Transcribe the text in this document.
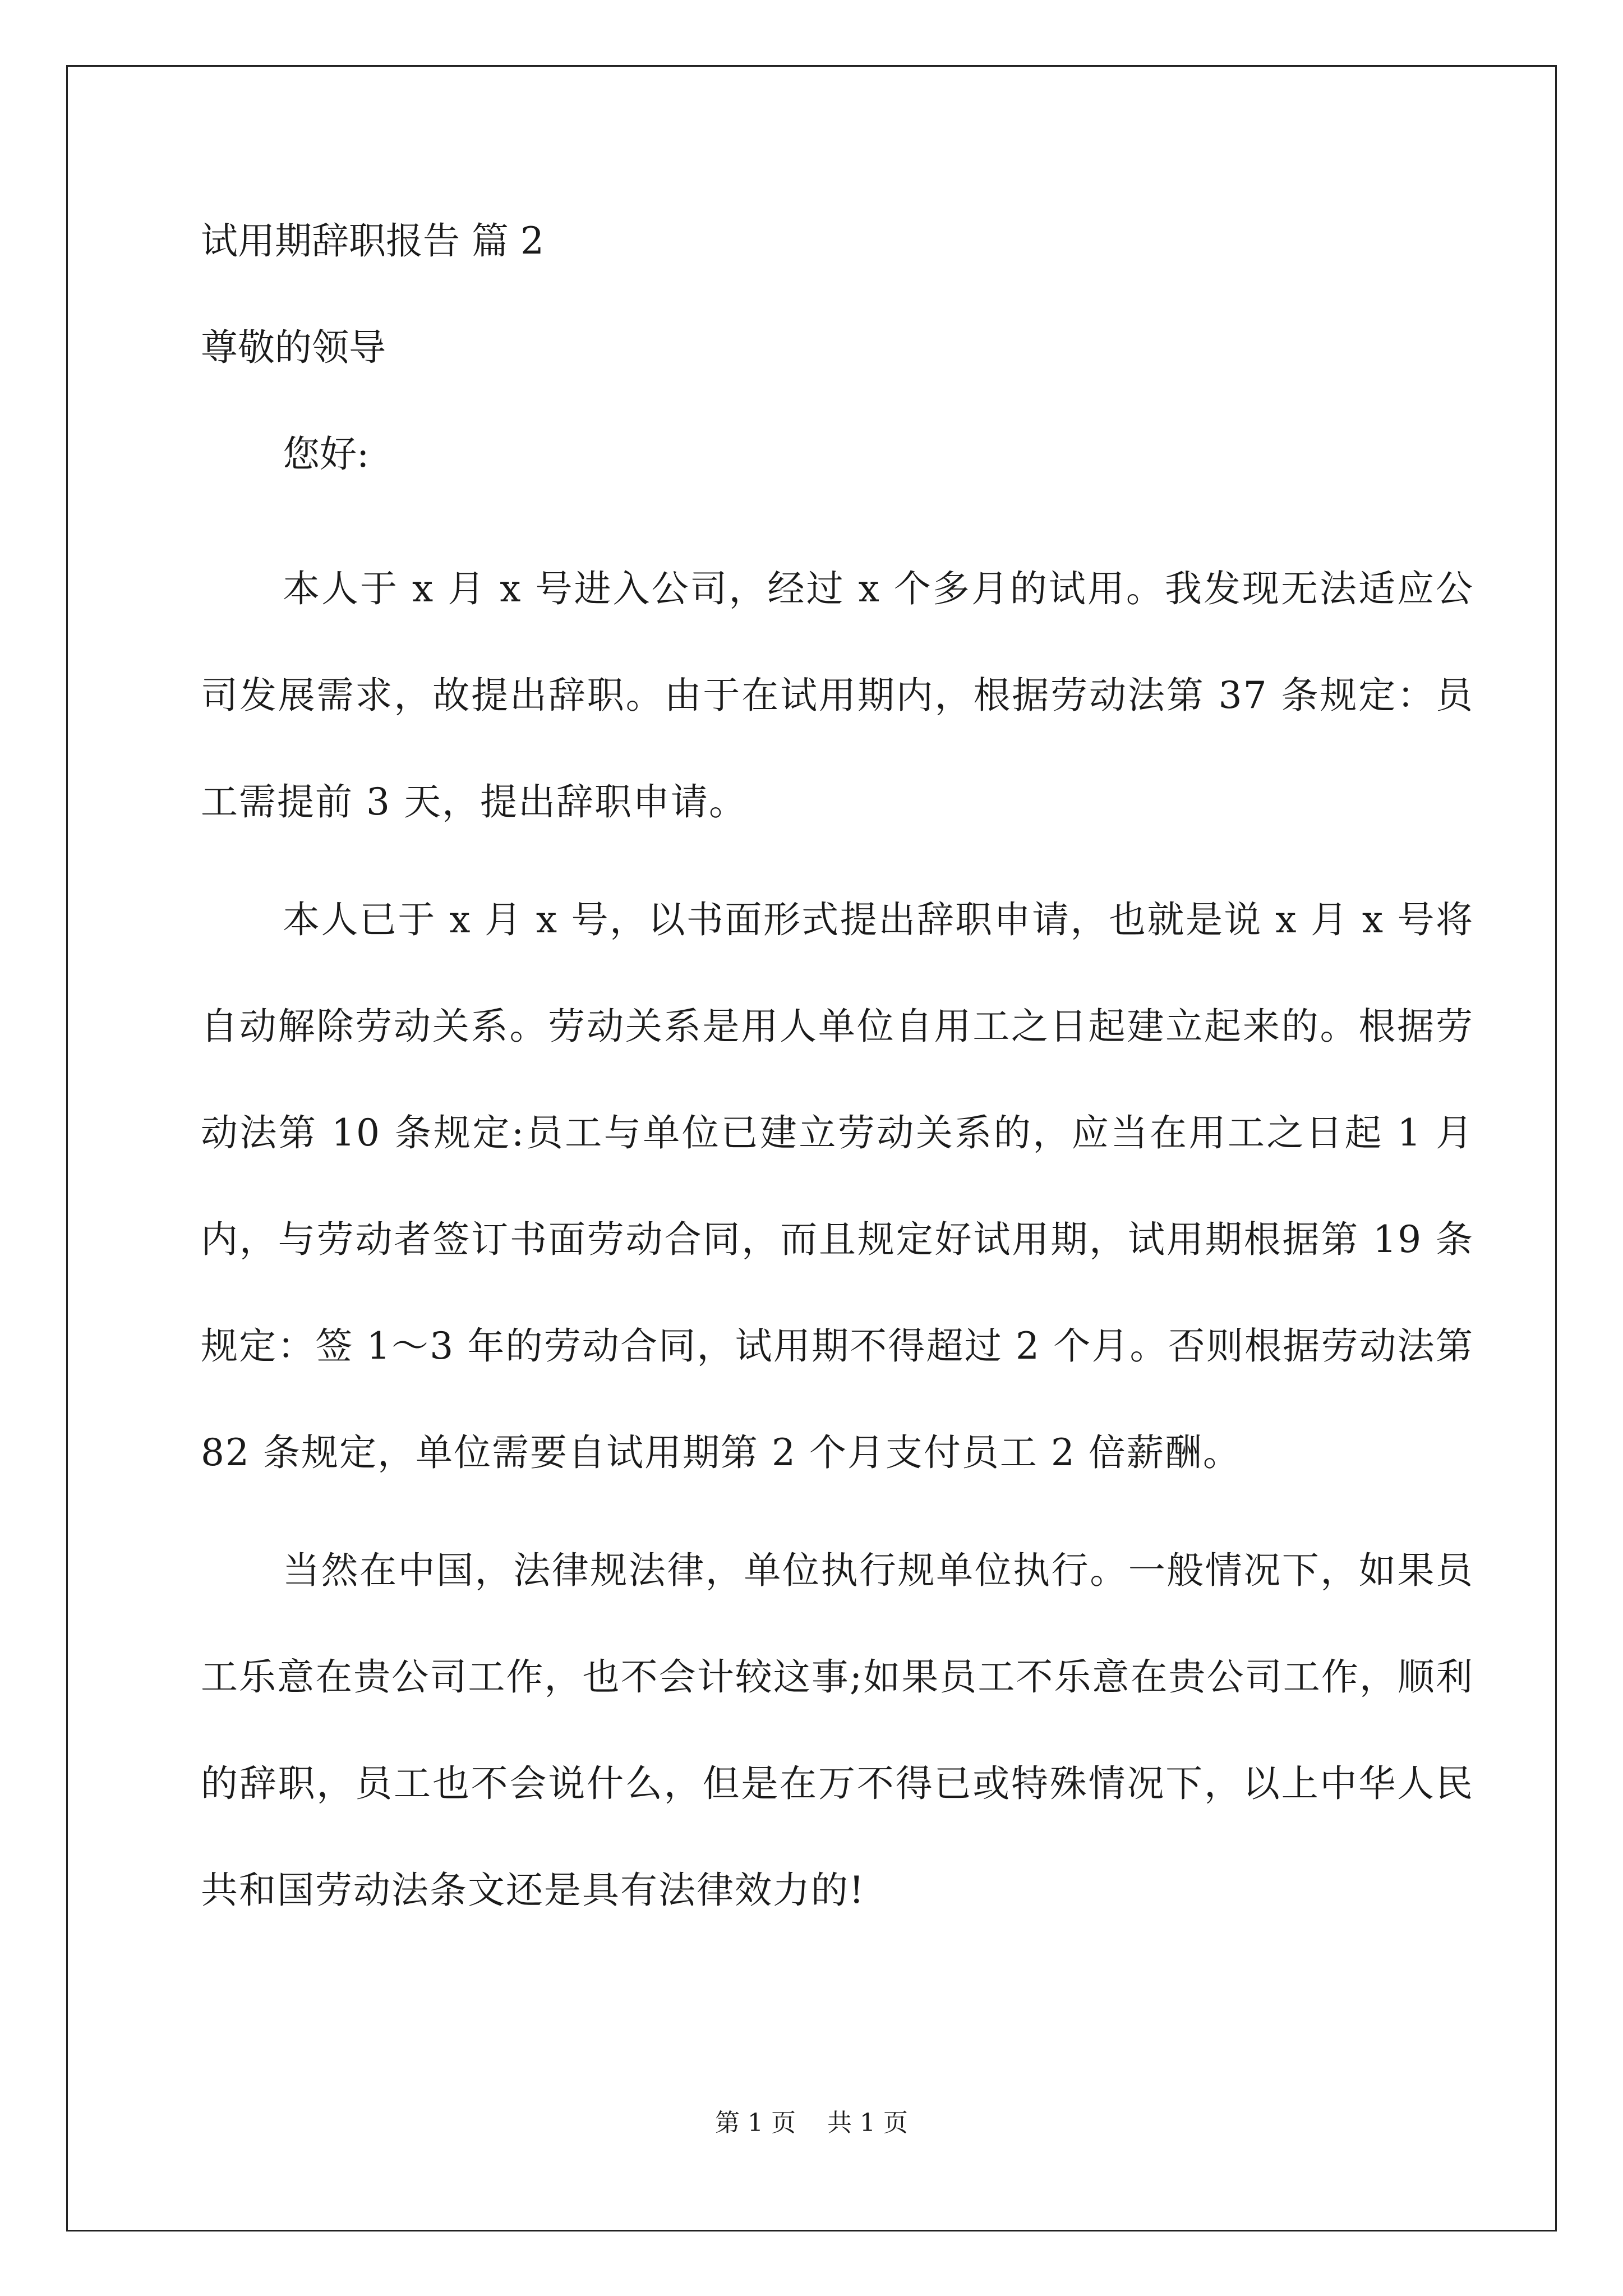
试用期辞职报告 篇 2
尊敬的领导
您好:

本人于 x 月 x 号进入公司，经过 x 个多月的试用。我发现无法适应公司发展需求，故提出辞职。由于在试用期内，根据劳动法第 37 条规定：员工需提前 3 天，提出辞职申请。

本人已于 x 月 x 号，以书面形式提出辞职申请，也就是说 x 月 x 号将自动解除劳动关系。劳动关系是用人单位自用工之日起建立起来的。根据劳动法第 10 条规定:员工与单位已建立劳动关系的，应当在用工之日起 1 月内，与劳动者签订书面劳动合同，而且规定好试用期，试用期根据第 19 条规定：签 1～3 年的劳动合同，试用期不得超过 2 个月。否则根据劳动法第 82 条规定，单位需要自试用期第 2 个月支付员工 2 倍薪酬。

当然在中国，法律规法律，单位执行规单位执行。一般情况下，如果员工乐意在贵公司工作，也不会计较这事;如果员工不乐意在贵公司工作，顺利的辞职，员工也不会说什么，但是在万不得已或特殊情况下，以上中华人民共和国劳动法条文还是具有法律效力的!

第 1 页    共 1 页
